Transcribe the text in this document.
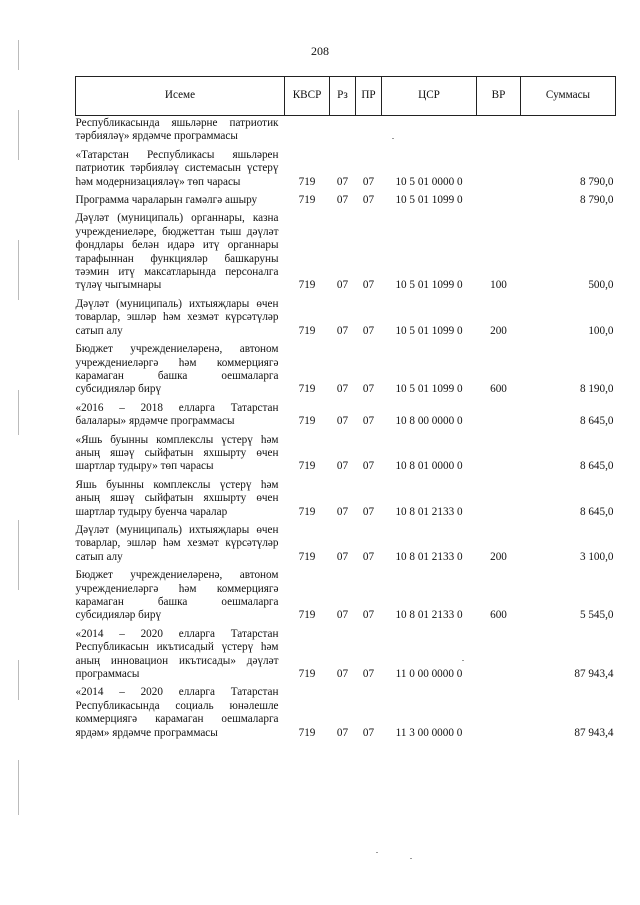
208
Исеме	КВСР	Рз	ПР	ЦСР	ВР	Суммасы
Республикасында яшьләрне патриотик тәрбияләү» ярдәмче программасы						
«Татарстан Республикасы яшьләрен патриотик тәрбияләү системасын үстерү һәм модернизацияләү» төп чарасы	719	07	07	10 5 01 0000 0		8 790,0
Программа чараларын гамәлгә ашыру	719	07	07	10 5 01 1099 0		8 790,0
Дәүләт (муниципаль) органнары, казна учреждениеләре, бюджеттан тыш дәүләт фондлары белән идарә итү органнары тарафыннан функцияләр башкаруны тәэмин итү максатларында персоналга түләү чыгымнары	719	07	07	10 5 01 1099 0	100	500,0
Дәүләт (муниципаль) ихтыяҗлары өчен товарлар, эшләр һәм хезмәт күрсәтүләр сатып алу	719	07	07	10 5 01 1099 0	200	100,0
Бюджет учреждениеләренә, автоном учреждениеләргә һәм коммерциягә карамаган башка оешмаларга субсидияләр бирү	719	07	07	10 5 01 1099 0	600	8 190,0
«2016 – 2018 елларга Татарстан балалары» ярдәмче программасы	719	07	07	10 8 00 0000 0		8 645,0
«Яшь буынны комплекслы үстерү һәм аның яшәү сыйфатын яхшырту өчен шартлар тудыру» төп чарасы	719	07	07	10 8 01 0000 0		8 645,0
Яшь буынны комплекслы үстерү һәм аның яшәү сыйфатын яхшырту өчен шартлар тудыру буенча чаралар	719	07	07	10 8 01 2133 0		8 645,0
Дәүләт (муниципаль) ихтыяҗлары өчен товарлар, эшләр һәм хезмәт күрсәтүләр сатып алу	719	07	07	10 8 01 2133 0	200	3 100,0
Бюджет учреждениеләренә, автоном учреждениеләргә һәм коммерциягә карамаган башка оешмаларга субсидияләр бирү	719	07	07	10 8 01 2133 0	600	5 545,0
«2014 – 2020 елларга Татарстан Республикасын икътисадый үстерү һәм аның инновацион икътисады» дәүләт программасы	719	07	07	11 0 00 0000 0		87 943,4
«2014 – 2020 елларга Татарстан Республикасында социаль юнәлешле коммерциягә карамаган оешмаларга ярдәм» ярдәмче программасы	719	07	07	11 3 00 0000 0		87 943,4
